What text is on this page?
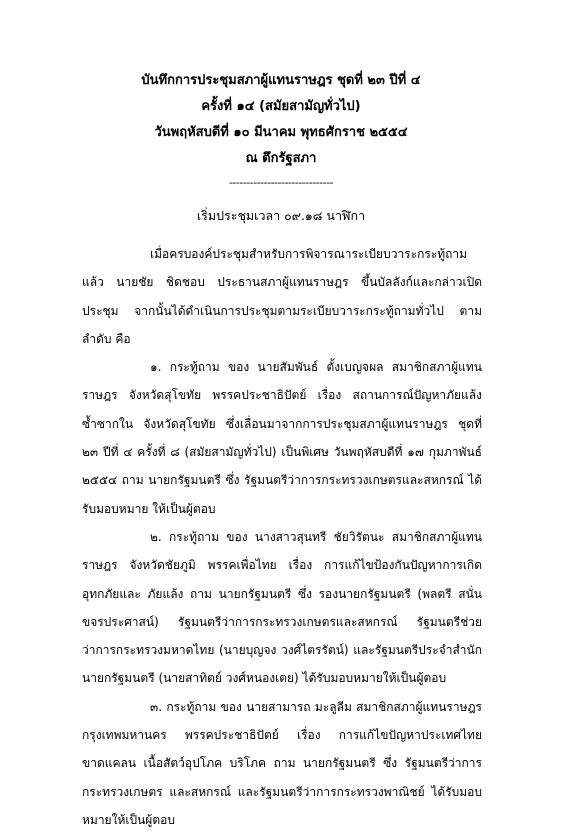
บันทึกการประชุมสภาผู้แทนราษฎร ชุดที่ ๒๓ ปีที่ ๔
ครั้งที่ ๑๔ (สมัยสามัญทั่วไป)
วันพฤหัสบดีที่ ๑๐ มีนาคม พุทธศักราช ๒๕๕๔
ณ ตึกรัฐสภา
------------------------------
เริ่มประชุมเวลา ๐๙.๑๘ นาฬิกา

เมื่อครบองค์ประชุมสำหรับการพิจารณาระเบียบวาระกระทู้ถามแล้ว นายชัย ชิดชอบ ประธานสภาผู้แทนราษฎร ขึ้นบัลลังก์และกล่าวเปิดประชุม จากนั้นได้ดำเนินการประชุมตามระเบียบวาระกระทู้ถามทั่วไป ตามลำดับ คือ

๑. กระทู้ถาม ของ นายสัมพันธ์ ตั้งเบญจผล สมาชิกสภาผู้แทนราษฎร จังหวัดสุโขทัย พรรคประชาธิปัตย์ เรื่อง สถานการณ์ปัญหาภัยแล้งซ้ำซากใน จังหวัดสุโขทัย ซึ่งเลื่อนมาจากการประชุมสภาผู้แทนราษฎร ชุดที่ ๒๓ ปีที่ ๔ ครั้งที่ ๘ (สมัยสามัญทั่วไป) เป็นพิเศษ วันพฤหัสบดีที่ ๑๗ กุมภาพันธ์ ๒๕๕๔ ถาม นายกรัฐมนตรี ซึ่ง รัฐมนตรีว่าการกระทรวงเกษตรและสหกรณ์ ได้รับมอบหมาย ให้เป็นผู้ตอบ

๒. กระทู้ถาม ของ นางสาวสุนทรี ชัยวิรัตนะ สมาชิกสภาผู้แทนราษฎร จังหวัดชัยภูมิ พรรคเพื่อไทย เรื่อง การแก้ไขป้องกันปัญหาการเกิดอุทกภัยและ ภัยแล้ง ถาม นายกรัฐมนตรี ซึ่ง รองนายกรัฐมนตรี (พลตรี สนั่น ขจรประศาสน์) รัฐมนตรีว่าการกระทรวงเกษตรและสหกรณ์ รัฐมนตรีช่วยว่าการกระทรวงมหาดไทย (นายบุญจง วงศ์ไตรรัตน์) และรัฐมนตรีประจำสำนักนายกรัฐมนตรี (นายสาทิตย์ วงศ์หนองเตย) ได้รับมอบหมายให้เป็นผู้ตอบ

๓. กระทู้ถาม ของ นายสามารถ มะลูลีม สมาชิกสภาผู้แทนราษฎร กรุงเทพมหานคร พรรคประชาธิปัตย์ เรื่อง การแก้ไขปัญหาประเทศไทยขาดแคลน เนื้อสัตว์อุปโภค บริโภค ถาม นายกรัฐมนตรี ซึ่ง รัฐมนตรีว่าการกระทรวงเกษตร และสหกรณ์ และรัฐมนตรีว่าการกระทรวงพาณิชย์ ได้รับมอบหมายให้เป็นผู้ตอบ
